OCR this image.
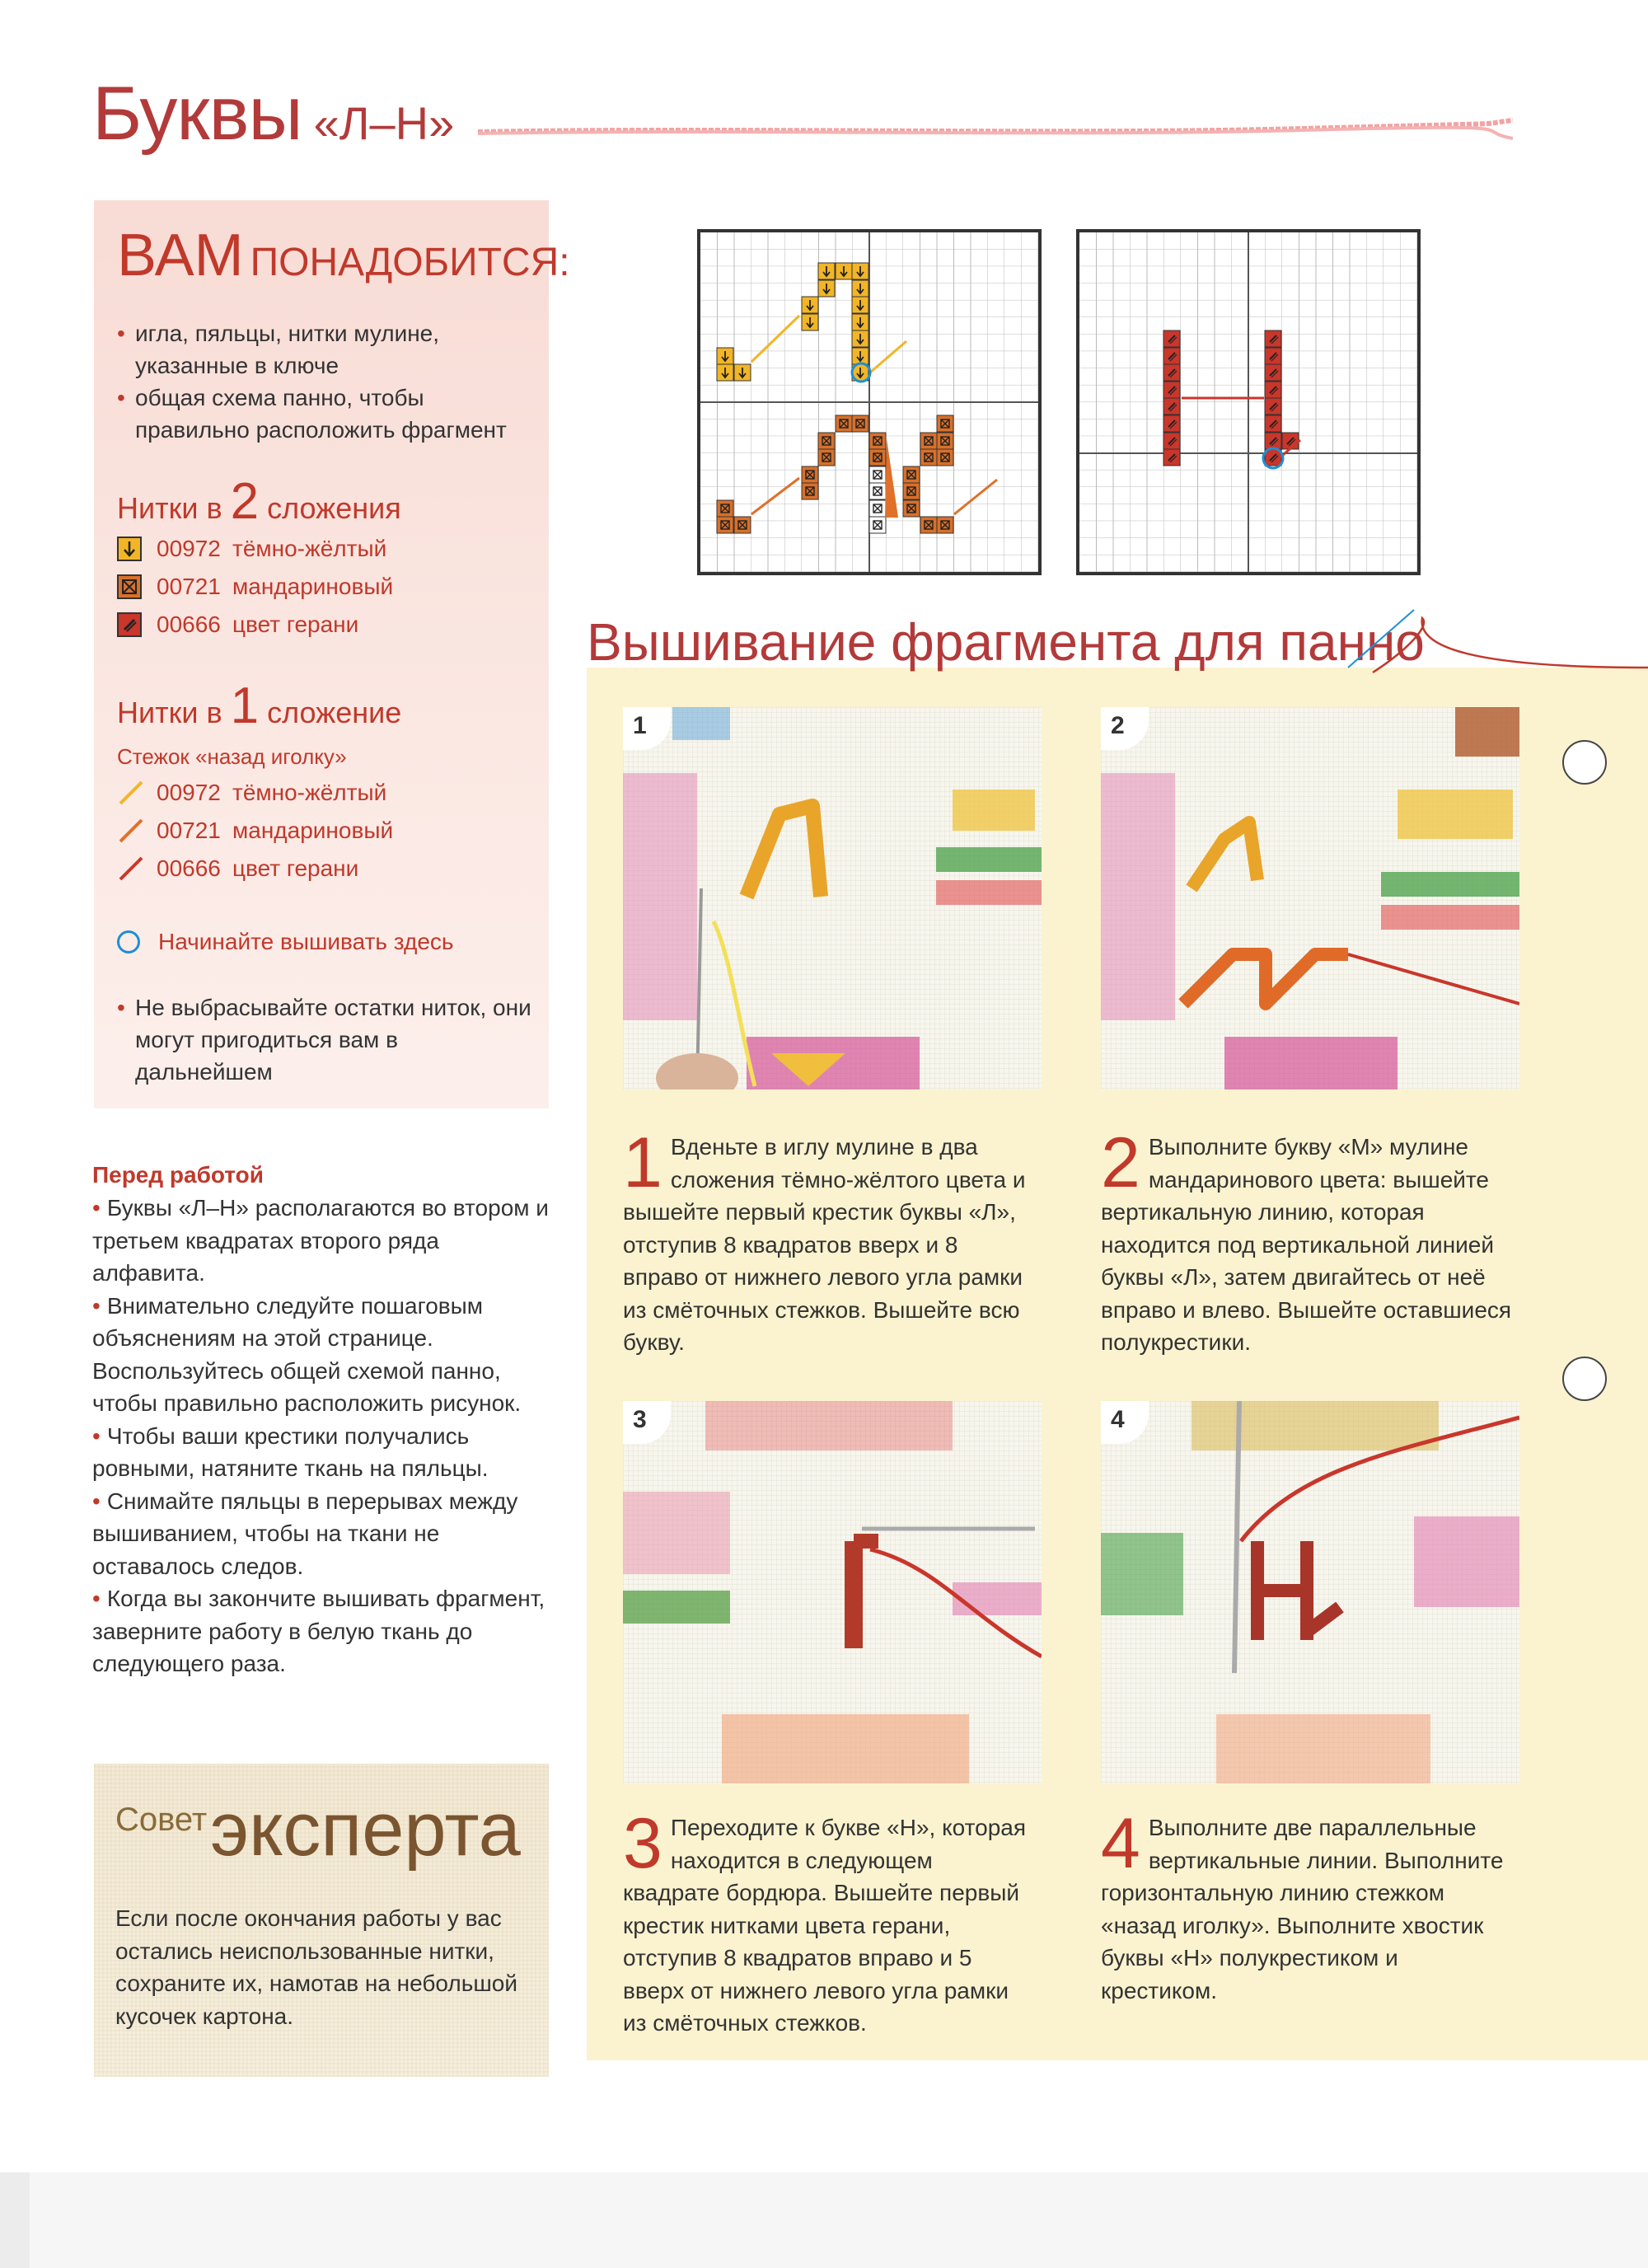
Буквы «Л–Н»
ВАМ ПОНАДОБИТСЯ:
• игла, пяльцы, нитки мулине, указанные в ключе
• общая схема панно, чтобы правильно расположить фрагмент
Нитки в 2 сложения
00972 тёмно-жёлтый
00721 мандариновый
00666 цвет герани
Нитки в 1 сложение
Стежок «назад иголку»
00972 тёмно-жёлтый
00721 мандариновый
00666 цвет герани
Начинайте вышивать здесь
• Не выбрасывайте остатки ниток, они могут пригодиться вам в дальнейшем
Перед работой
• Буквы «Л–Н» располагаются во втором и третьем квадратах второго ряда алфавита.
• Внимательно следуйте пошаговым объяснениям на этой странице. Воспользуйтесь общей схемой панно, чтобы правильно расположить рисунок.
• Чтобы ваши крестики получались ровными, натяните ткань на пяльцы.
• Снимайте пяльцы в перерывах между вышиванием, чтобы на ткани не оставалось следов.
• Когда вы закончите вышивать фрагмент, заверните работу в белую ткань до следующего раза.
Советэксперта
Если после окончания работы у вас остались неиспользованные нитки, сохраните их, намотав на небольшой кусочек картона.
Вышивание фрагмента для панно
1	2
3	4
1 Вденьте в иглу мулине в два сложения тёмно-жёлтого цвета и вышейте первый крестик буквы «Л», отступив 8 квадратов вверх и 8 вправо от нижнего левого угла рамки из смёточных стежков. Вышейте всю букву.
2 Выполните букву «М» мулине мандаринового цвета: вышейте вертикальную линию, которая находится под вертикальной линией буквы «Л», затем двигайтесь от неё вправо и влево. Вышейте оставшиеся полукрестики.
3 Переходите к букве «Н», которая находится в следующем квадрате бордюра. Вышейте первый крестик нитками цвета герани, отступив 8 квадратов вправо и 5 вверх от нижнего левого угла рамки из смёточных стежков.
4 Выполните две параллельные вертикальные линии. Выполните горизонтальную линию стежком «назад иголку». Выполните хвостик буквы «Н» полукрестиком и крестиком.
